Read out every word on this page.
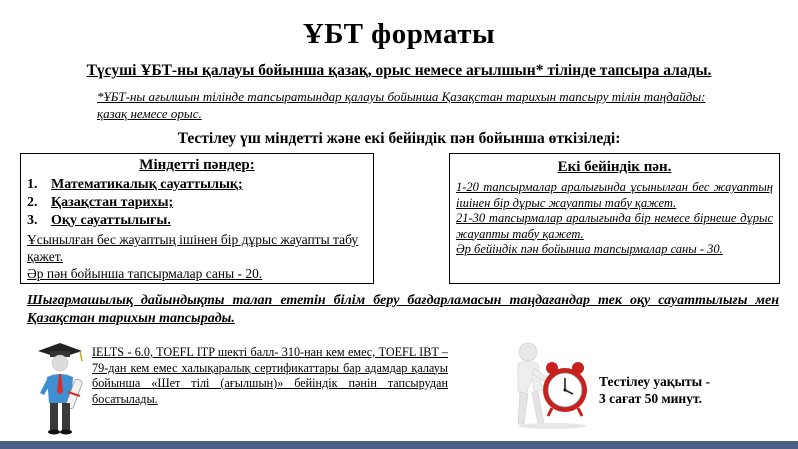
ҰБТ форматы
Түсуші ҰБТ-ны қалауы бойынша қазақ, орыс немесе ағылшын* тілінде тапсыра алады.
*ҰБТ-ны ағылшын тілінде тапсыратындар қалауы бойынша Қазақстан тарихын тапсыру тілін таңдайды: қазақ немесе орыс.
Тестілеу үш міндетті және екі бейіндік пән бойынша өткізіледі:
Міндетті пәндер:
1. Математикалық сауаттылық;
2. Қазақстан тарихы;
3. Оқу сауаттылығы.
Ұсынылған бес жауаптың ішінен бір дұрыс жауапты табу қажет.
Әр пән бойынша тапсырмалар саны - 20.
Екі бейіндік пән.
1-20 тапсырмалар аралығында ұсынылған бес жауаптың ішінен бір дұрыс жауапты табу қажет.
21-30 тапсырмалар аралығында бір немесе бірнеше дұрыс жауапты табу қажет.
Әр бейіндік пән бойынша тапсырмалар саны - 30.
Шығармашылық дайындықты талап ететін білім беру бағдарламасын таңдағандар тек оқу сауаттылығы мен Қазақстан тарихын тапсырады.
IELTS - 6.0, TOEFL ITP шекті балл- 310-нан кем емес, TOEFL IBT – 79-дан кем емес халықаралық сертификаттары бар адамдар қалауы бойынша «Шет тілі (ағылшын)» бейіндік пәнін тапсырудан босатылады.
Тестілеу уақыты -
3 сағат 50 минут.
